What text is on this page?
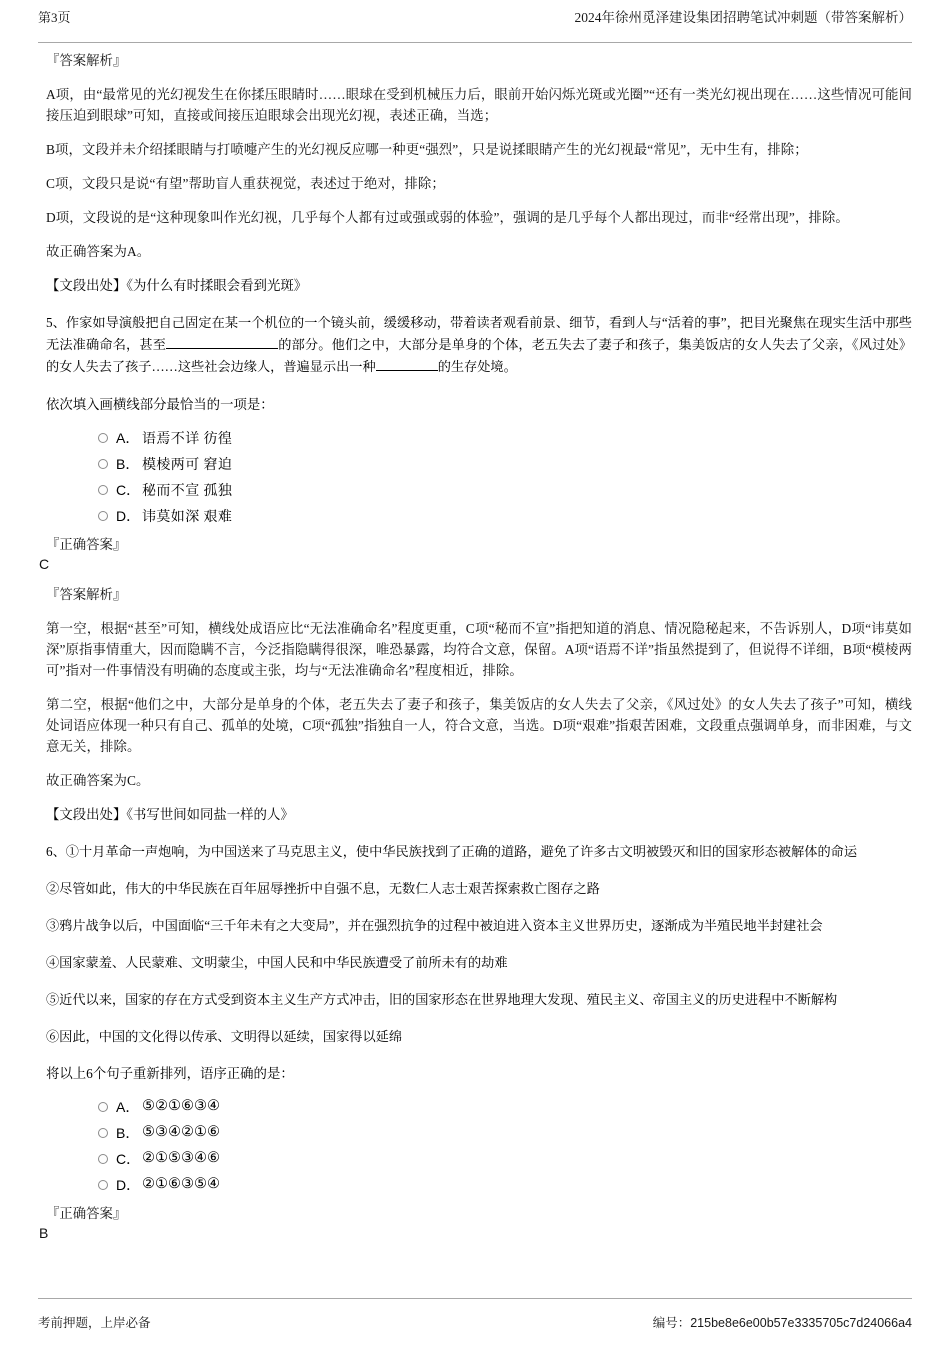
第3页	2024年徐州觅泽建设集团招聘笔试冲刺题（带答案解析）

『答案解析』

A项，由“最常见的光幻视发生在你揉压眼睛时……眼球在受到机械压力后，眼前开始闪烁光斑或光圈”“还有一类光幻视出现在……这些情况可能间接压迫到眼球”可知，直接或间接压迫眼球会出现光幻视，表述正确，当选；

B项，文段并未介绍揉眼睛与打喷嚏产生的光幻视反应哪一种更“强烈”，只是说揉眼睛产生的光幻视最“常见”，无中生有，排除；

C项，文段只是说“有望”帮助盲人重获视觉，表述过于绝对，排除；

D项，文段说的是“这种现象叫作光幻视，几乎每个人都有过或强或弱的体验”，强调的是几乎每个人都出现过，而非“经常出现”，排除。

故正确答案为A。

【文段出处】《为什么有时揉眼会看到光斑》

5、作家如导演般把自己固定在某一个机位的一个镜头前，缓缓移动，带着读者观看前景、细节，看到人与“活着的事”，把目光聚焦在现实生活中那些无法准确命名，甚至	的部分。他们之中，大部分是单身的个体，老五失去了妻子和孩子，集美饭店的女人失去了父亲，《风过处》的女人失去了孩子……这些社会边缘人，普遍显示出一种	的生存处境。

依次填入画横线部分最恰当的一项是：

A． 语焉不详 彷徨
B． 模棱两可 窘迫
C． 秘而不宣 孤独
D． 讳莫如深 艰难

『正确答案』

C

『答案解析』

第一空，根据“甚至”可知，横线处成语应比“无法准确命名”程度更重，C项“秘而不宣”指把知道的消息、情况隐秘起来，不告诉别人，D项“讳莫如深”原指事情重大，因而隐瞒不言，今泛指隐瞒得很深，唯恐暴露，均符合文意，保留。A项“语焉不详”指虽然提到了，但说得不详细，B项“模棱两可”指对一件事情没有明确的态度或主张，均与“无法准确命名”程度相近，排除。

第二空，根据“他们之中，大部分是单身的个体，老五失去了妻子和孩子，集美饭店的女人失去了父亲，《风过处》的女人失去了孩子”可知，横线处词语应体现一种只有自己、孤单的处境，C项“孤独”指独自一人，符合文意，当选。D项“艰难”指艰苦困难，文段重点强调单身，而非困难，与文意无关，排除。

故正确答案为C。

【文段出处】《书写世间如同盐一样的人》

6、①十月革命一声炮响，为中国送来了马克思主义，使中华民族找到了正确的道路，避免了许多古文明被毁灭和旧的国家形态被解体的命运

②尽管如此，伟大的中华民族在百年屈辱挫折中自强不息，无数仁人志士艰苦探索救亡图存之路

③鸦片战争以后，中国面临“三千年未有之大变局”，并在强烈抗争的过程中被迫进入资本主义世界历史，逐渐成为半殖民地半封建社会

④国家蒙羞、人民蒙难、文明蒙尘，中国人民和中华民族遭受了前所未有的劫难

⑤近代以来，国家的存在方式受到资本主义生产方式冲击，旧的国家形态在世界地理大发现、殖民主义、帝国主义的历史进程中不断解构

⑥因此，中国的文化得以传承、文明得以延续，国家得以延绵

将以上6个句子重新排列，语序正确的是：

A． ⑤②①⑥③④
B． ⑤③④②①⑥
C． ②①⑤③④⑥
D． ②①⑥③⑤④

『正确答案』

B

考前押题，上岸必备	编号：215be8e6e00b57e3335705c7d24066a4
